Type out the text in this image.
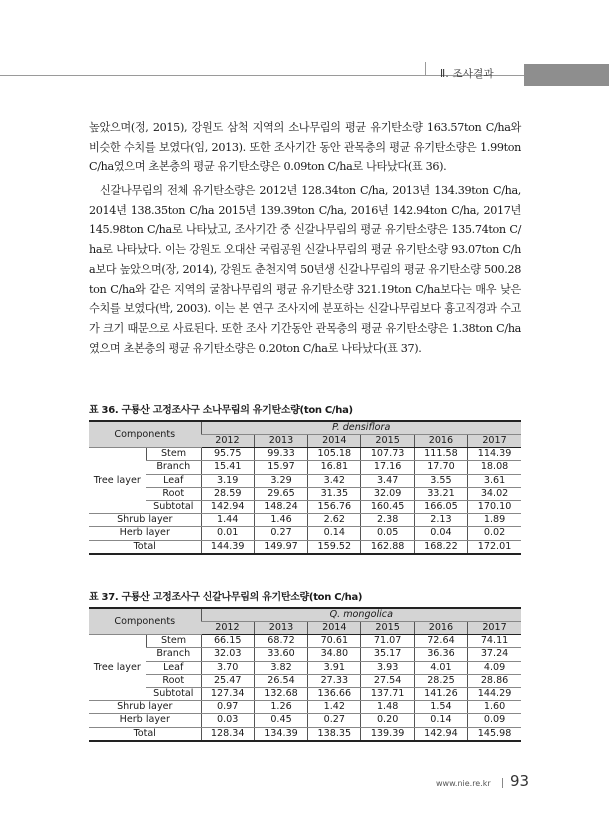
Ⅱ. 조사결과

높았으며(정, 2015), 강원도 삼척 지역의 소나무림의 평균 유기탄소량 163.57ton C/ha와 비슷한 수치를 보였다(임, 2013). 또한 조사기간 동안 관목층의 평균 유기탄소량은 1.99ton C/ha였으며 초본층의 평균 유기탄소량은 0.09ton C/ha로 나타났다(표 36).

신갈나무림의 전체 유기탄소량은 2012년 128.34ton C/ha, 2013년 134.39ton C/ha, 2014년 138.35ton C/ha 2015년 139.39ton C/ha, 2016년 142.94ton C/ha, 2017년 145.98ton C/ha로 나타났고, 조사기간 중 신갈나무림의 평균 유기탄소량은 135.74ton C/ha로 나타났다. 이는 강원도 오대산 국립공원 신갈나무림의 평균 유기탄소량 93.07ton C/ha보다 높았으며(장, 2014), 강원도 춘천지역 50년생 신갈나무림의 평균 유기탄소량 500.28ton C/ha와 같은 지역의 굴참나무림의 평균 유기탄소량 321.19ton C/ha보다는 매우 낮은 수치를 보였다(박, 2003). 이는 본 연구 조사지에 분포하는 신갈나무림보다 흉고직경과 수고가 크기 때문으로 사료된다. 또한 조사 기간동안 관목층의 평균 유기탄소량은 1.38ton C/ha였으며 초본층의 평균 유기탄소량은 0.20ton C/ha로 나타났다(표 37).

표 36. 구룡산 고정조사구 소나무림의 유기탄소량(ton C/ha)
Components		P. densiflora					
		2012	2013	2014	2015	2016	2017
Tree layer	Stem	95.75	99.33	105.18	107.73	111.58	114.39
	Branch	15.41	15.97	16.81	17.16	17.70	18.08
	Leaf	3.19	3.29	3.42	3.47	3.55	3.61
	Root	28.59	29.65	31.35	32.09	33.21	34.02
	Subtotal	142.94	148.24	156.76	160.45	166.05	170.10
Shrub layer		1.44	1.46	2.62	2.38	2.13	1.89
Herb layer		0.01	0.27	0.14	0.05	0.04	0.02
Total		144.39	149.97	159.52	162.88	168.22	172.01
표 37. 구룡산 고정조사구 신갈나무림의 유기탄소량(ton C/ha)
Components		Q. mongolica					
		2012	2013	2014	2015	2016	2017
Tree layer	Stem	66.15	68.72	70.61	71.07	72.64	74.11
	Branch	32.03	33.60	34.80	35.17	36.36	37.24
	Leaf	3.70	3.82	3.91	3.93	4.01	4.09
	Root	25.47	26.54	27.33	27.54	28.25	28.86
	Subtotal	127.34	132.68	136.66	137.71	141.26	144.29
Shrub layer		0.97	1.26	1.42	1.48	1.54	1.60
Herb layer		0.03	0.45	0.27	0.20	0.14	0.09
Total		128.34	134.39	138.35	139.39	142.94	145.98
www.nie.re.kr 93
